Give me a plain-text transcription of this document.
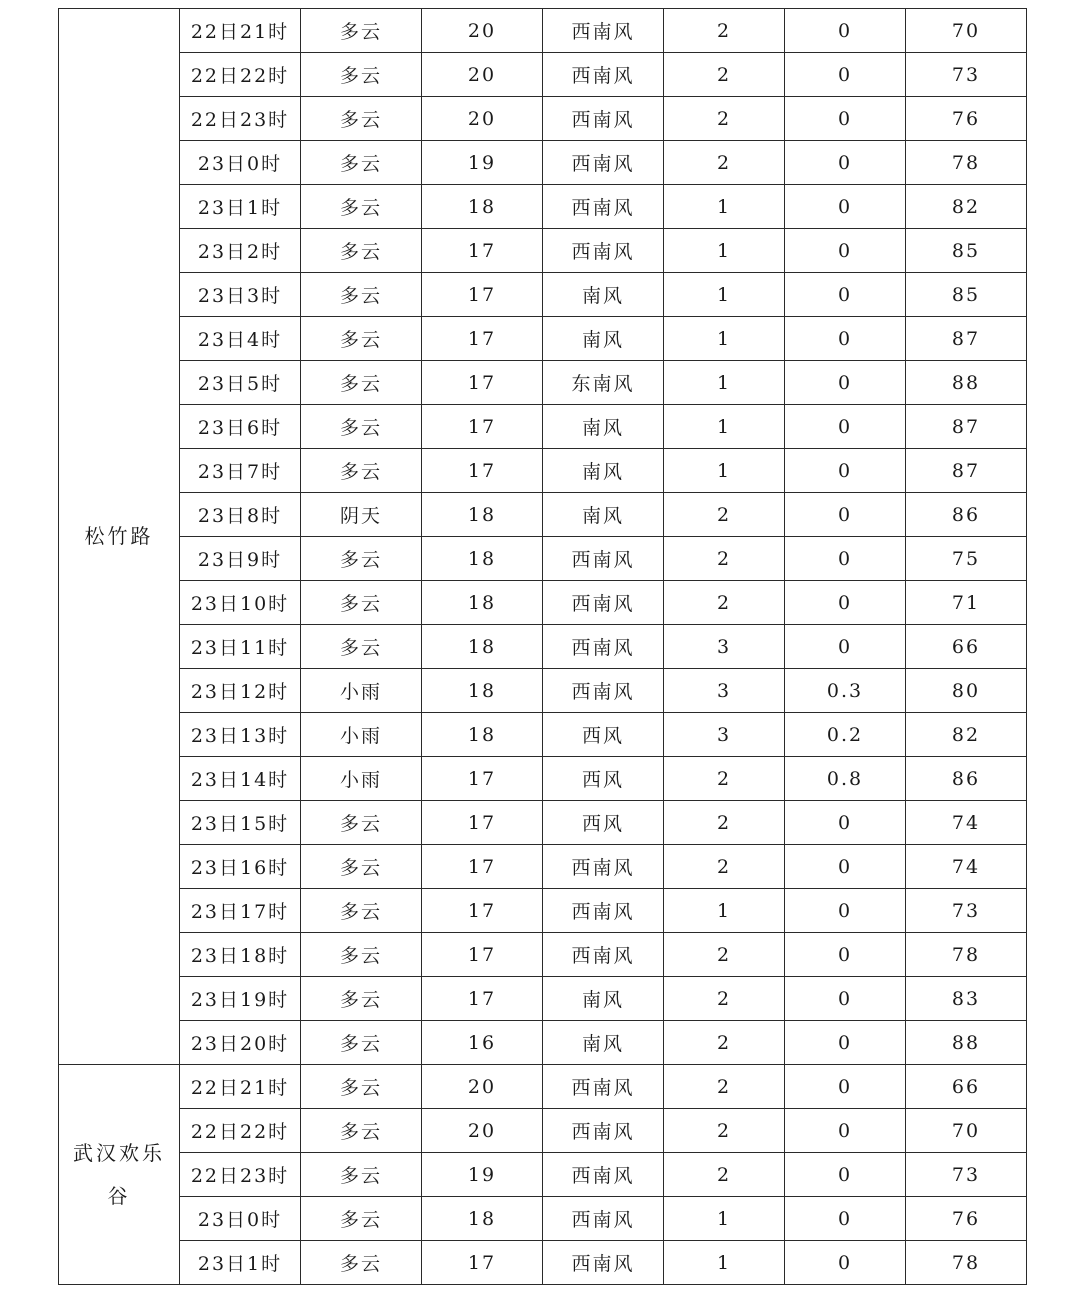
松竹路	22日21时	多云	20	西南风	2	0	70
	22日22时	多云	20	西南风	2	0	73
	22日23时	多云	20	西南风	2	0	76
	23日0时	多云	19	西南风	2	0	78
	23日1时	多云	18	西南风	1	0	82
	23日2时	多云	17	西南风	1	0	85
	23日3时	多云	17	南风	1	0	85
	23日4时	多云	17	南风	1	0	87
	23日5时	多云	17	东南风	1	0	88
	23日6时	多云	17	南风	1	0	87
	23日7时	多云	17	南风	1	0	87
	23日8时	阴天	18	南风	2	0	86
	23日9时	多云	18	西南风	2	0	75
	23日10时	多云	18	西南风	2	0	71
	23日11时	多云	18	西南风	3	0	66
	23日12时	小雨	18	西南风	3	0.3	80
	23日13时	小雨	18	西风	3	0.2	82
	23日14时	小雨	17	西风	2	0.8	86
	23日15时	多云	17	西风	2	0	74
	23日16时	多云	17	西南风	2	0	74
	23日17时	多云	17	西南风	1	0	73
	23日18时	多云	17	西南风	2	0	78
	23日19时	多云	17	南风	2	0	83
	23日20时	多云	16	南风	2	0	88
武汉欢乐谷	22日21时	多云	20	西南风	2	0	66
	22日22时	多云	20	西南风	2	0	70
	22日23时	多云	19	西南风	2	0	73
	23日0时	多云	18	西南风	1	0	76
	23日1时	多云	17	西南风	1	0	78
